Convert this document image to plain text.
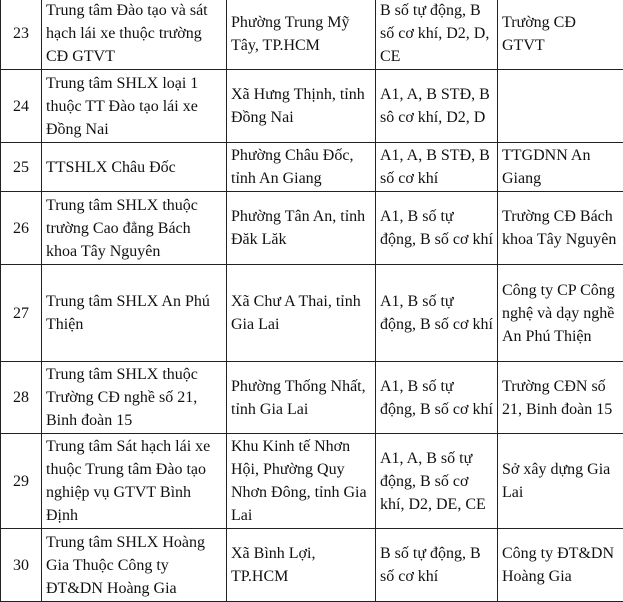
23	Trung tâm Đào tạo và sát hạch lái xe thuộc trường CĐ GTVT	Phường Trung Mỹ Tây, TP.HCM	B số tự động, B số cơ khí, D2, D, CE	Trường CĐ GTVT
24	Trung tâm SHLX loại 1 thuộc TT Đào tạo lái xe Đồng Nai	Xã Hưng Thịnh, tỉnh Đồng Nai	A1, A, B STĐ, B sô cơ khí, D2, D	
25	TTSHLX Châu Đốc	Phường Châu Đốc, tỉnh An Giang	A1, A, B STĐ, B số cơ khí	TTGDNN An Giang
26	Trung tâm SHLX thuộc trường Cao đẳng Bách khoa Tây Nguyên	Phường Tân An, tỉnh Đăk Lăk	A1, B số tự động, B số cơ khí	Trường CĐ Bách khoa Tây Nguyên
27	Trung tâm SHLX An Phú Thiện	Xã Chư A Thai, tỉnh Gia Lai	A1, B số tự động, B số cơ khí	Công ty CP Công nghệ và dạy nghề An Phú Thiện
28	Trung tâm SHLX thuộc Trường CĐ nghề số 21, Binh đoàn 15	Phường Thống Nhất, tỉnh Gia Lai	A1, B số tự động, B số cơ khí	Trường CĐN số 21, Binh đoàn 15
29	Trung tâm Sát hạch lái xe thuộc Trung tâm Đào tạo nghiệp vụ GTVT Bình Định	Khu Kinh tế Nhơn Hội, Phường Quy Nhơn Đông, tỉnh Gia Lai	A1, A, B số tự động, B số cơ khí, D2, DE, CE	Sở xây dựng Gia Lai
30	Trung tâm SHLX Hoàng Gia Thuộc Công ty ĐT&DN Hoàng Gia	Xã Bình Lợi, TP.HCM	B số tự động, B số cơ khí	Công ty ĐT&DN Hoàng Gia
